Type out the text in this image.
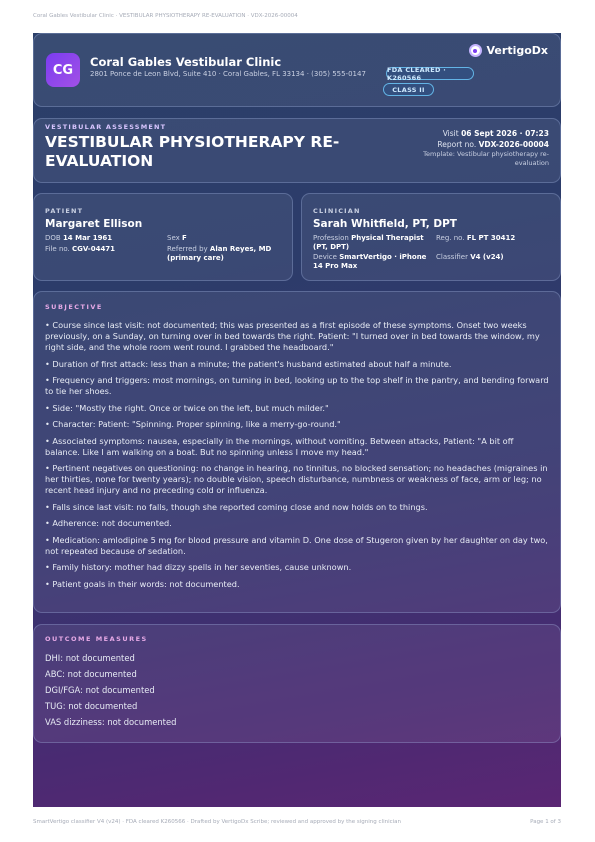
Coral Gables Vestibular Clinic · VESTIBULAR PHYSIOTHERAPY RE-EVALUATION · VDX-2026-00004
CG
Coral Gables Vestibular Clinic
2801 Ponce de Leon Blvd, Suite 410 · Coral Gables, FL 33134 · (305) 555-0147
VertigoDx
FDA CLEARED · K260566
CLASS II
VESTIBULAR ASSESSMENT
VESTIBULAR PHYSIOTHERAPY RE-EVALUATION
Visit 06 Sept 2026 · 07:23
Report no. VDX-2026-00004
Template: Vestibular physiotherapy re-evaluation
PATIENT
Margaret Ellison
DOB 14 Mar 1961
File no. CGV-04471
Sex F
Referred by Alan Reyes, MD (primary care)
CLINICIAN
Sarah Whitfield, PT, DPT
Profession Physical Therapist (PT, DPT)
Device SmartVertigo · iPhone 14 Pro Max
Reg. no. FL PT 30412
Classifier V4 (v24)
SUBJECTIVE
• Course since last visit: not documented; this was presented as a first episode of these symptoms. Onset two weeks previously, on a Sunday, on turning over in bed towards the right. Patient: "I turned over in bed towards the window, my right side, and the whole room went round. I grabbed the headboard."
• Duration of first attack: less than a minute; the patient's husband estimated about half a minute.
• Frequency and triggers: most mornings, on turning in bed, looking up to the top shelf in the pantry, and bending forward to tie her shoes.
• Side: "Mostly the right. Once or twice on the left, but much milder."
• Character: Patient: "Spinning. Proper spinning, like a merry-go-round."
• Associated symptoms: nausea, especially in the mornings, without vomiting. Between attacks, Patient: "A bit off balance. Like I am walking on a boat. But no spinning unless I move my head."
• Pertinent negatives on questioning: no change in hearing, no tinnitus, no blocked sensation; no headaches (migraines in her thirties, none for twenty years); no double vision, speech disturbance, numbness or weakness of face, arm or leg; no recent head injury and no preceding cold or influenza.
• Falls since last visit: no falls, though she reported coming close and now holds on to things.
• Adherence: not documented.
• Medication: amlodipine 5 mg for blood pressure and vitamin D. One dose of Stugeron given by her daughter on day two, not repeated because of sedation.
• Family history: mother had dizzy spells in her seventies, cause unknown.
• Patient goals in their words: not documented.
OUTCOME MEASURES
DHI: not documented
ABC: not documented
DGI/FGA: not documented
TUG: not documented
VAS dizziness: not documented
SmartVertigo classifier V4 (v24) · FDA cleared K260566 · Drafted by VertigoDx Scribe; reviewed and approved by the signing clinician	Page 1 of 3
